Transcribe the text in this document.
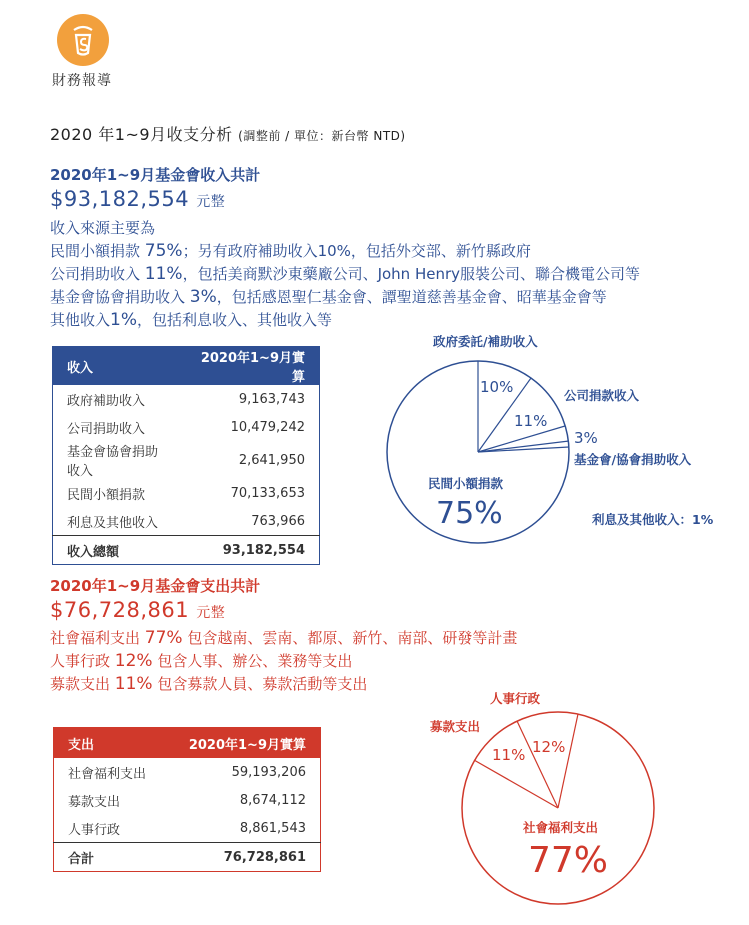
財務報導
2020 年1~9月收支分析 (調整前 / 單位：新台幣 NTD)
2020年1~9月基金會收入共計
$93,182,554 元整
收入來源主要為
民間小額捐款 75%；另有政府補助收入10%，包括外交部、新竹縣政府
公司捐助收入 11%，包括美商默沙東藥廠公司、John Henry服裝公司、聯合機電公司等
基金會協會捐助收入 3%，包括感恩聖仁基金會、譚聖道慈善基金會、昭華基金會等
其他收入1%，包括利息收入、其他收入等
收入	2020年1~9月實算
政府補助收入	9,163,743
公司捐助收入	10,479,242
基金會協會捐助收入	2,641,950
民間小額捐款	70,133,653
利息及其他收入	763,966
收入總額	93,182,554
政府委託/補助收入
10%	公司捐款收入
11%
3%
基金會/協會捐助收入
利息及其他收入：1%
民間小額捐款
75%
2020年1~9月基金會支出共計
$76,728,861 元整
社會福利支出 77% 包含越南、雲南、都原、新竹、南部、研發等計畫
人事行政 12% 包含人事、辦公、業務等支出
募款支出 11% 包含募款人員、募款活動等支出
支出	2020年1~9月實算
社會福利支出	59,193,206
募款支出	8,674,112
人事行政	8,861,543
合計	76,728,861
人事行政
募款支出
11% 12%
社會福利支出
77%
